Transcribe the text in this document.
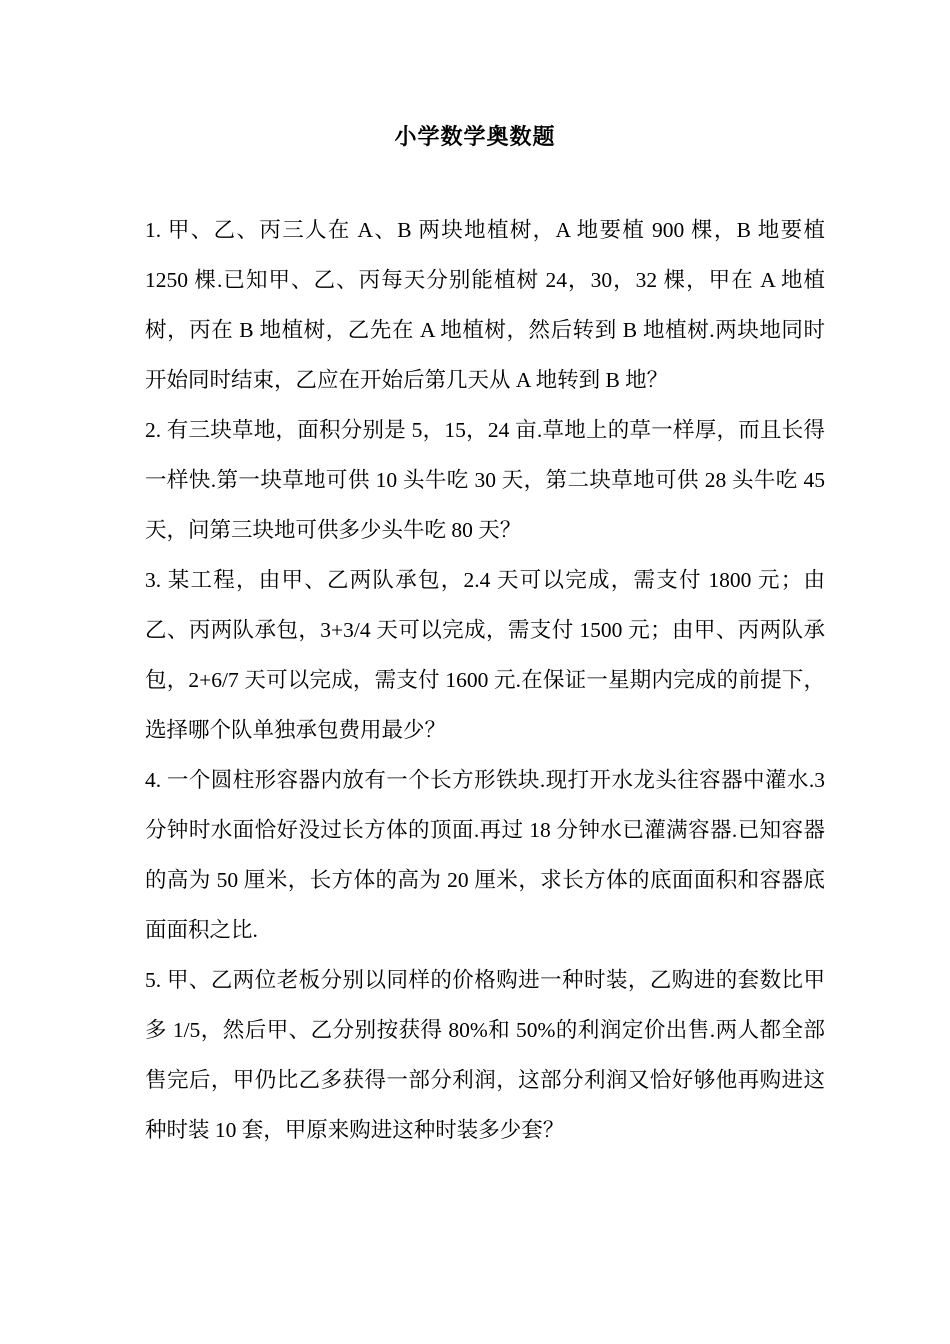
小学数学奥数题

1. 甲、乙、丙三人在 A、B 两块地植树，A 地要植 900 棵，B 地要植 1250 棵.已知甲、乙、丙每天分别能植树 24，30，32 棵，甲在 A 地植树，丙在 B 地植树，乙先在 A 地植树，然后转到 B 地植树.两块地同时开始同时结束，乙应在开始后第几天从 A 地转到 B 地？

2. 有三块草地，面积分别是 5，15，24 亩.草地上的草一样厚，而且长得一样快.第一块草地可供 10 头牛吃 30 天，第二块草地可供 28 头牛吃 45 天，问第三块地可供多少头牛吃 80 天？

3. 某工程，由甲、乙两队承包，2.4 天可以完成，需支付 1800 元；由乙、丙两队承包，3+3/4 天可以完成，需支付 1500 元；由甲、丙两队承包，2+6/7 天可以完成，需支付 1600 元.在保证一星期内完成的前提下，选择哪个队单独承包费用最少？

4. 一个圆柱形容器内放有一个长方形铁块.现打开水龙头往容器中灌水.3 分钟时水面恰好没过长方体的顶面.再过 18 分钟水已灌满容器.已知容器的高为 50 厘米，长方体的高为 20 厘米，求长方体的底面面积和容器底面面积之比.

5. 甲、乙两位老板分别以同样的价格购进一种时装，乙购进的套数比甲多 1/5，然后甲、乙分别按获得 80%和 50%的利润定价出售.两人都全部售完后，甲仍比乙多获得一部分利润，这部分利润又恰好够他再购进这种时装 10 套，甲原来购进这种时装多少套？
